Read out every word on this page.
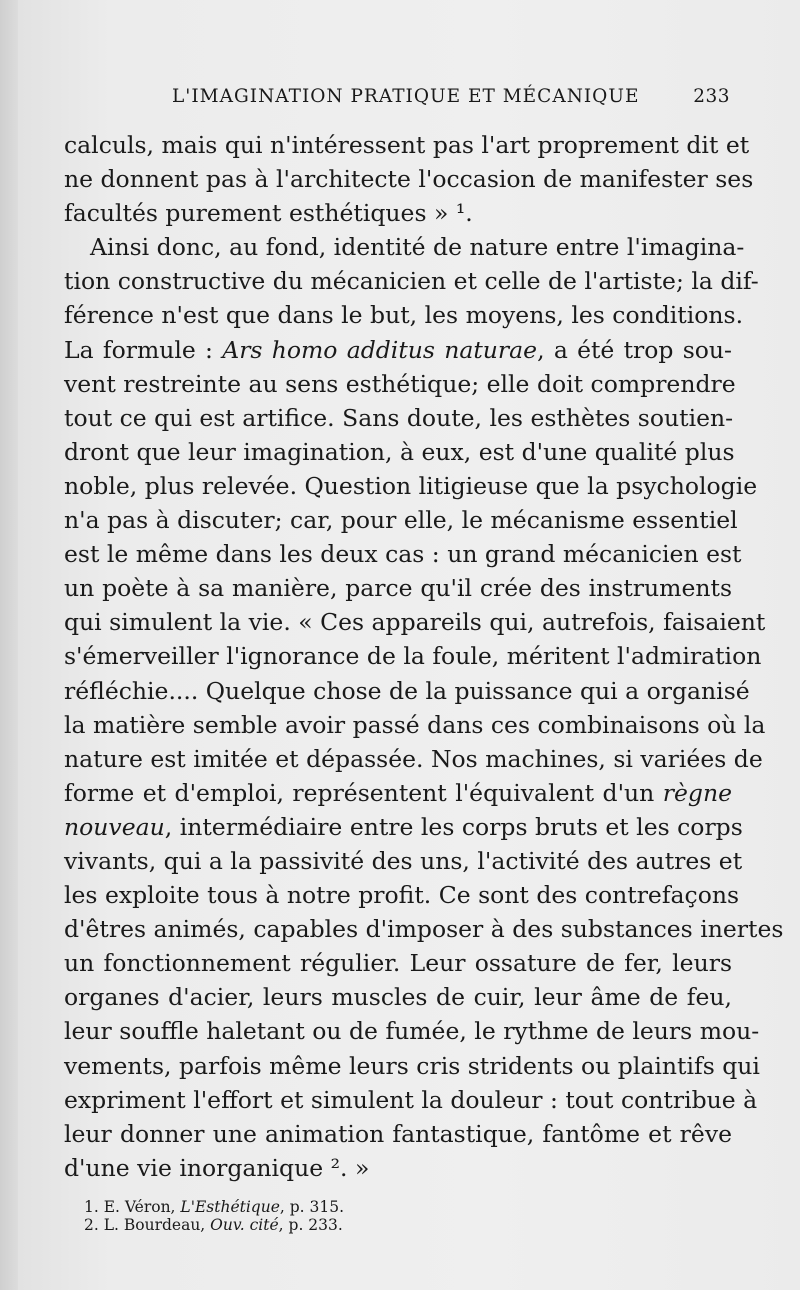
L'IMAGINATION PRATIQUE ET MÉCANIQUE	233
calculs, mais qui n'intéressent pas l'art proprement dit et
ne donnent pas à l'architecte l'occasion de manifester ses
facultés purement esthétiques » ¹.
Ainsi donc, au fond, identité de nature entre l'imagina-
tion constructive du mécanicien et celle de l'artiste; la dif-
férence n'est que dans le but, les moyens, les conditions.
La formule : Ars homo additus naturae, a été trop sou-
vent restreinte au sens esthétique; elle doit comprendre
tout ce qui est artifice. Sans doute, les esthètes soutien-
dront que leur imagination, à eux, est d'une qualité plus
noble, plus relevée. Question litigieuse que la psychologie
n'a pas à discuter; car, pour elle, le mécanisme essentiel
est le même dans les deux cas : un grand mécanicien est
un poète à sa manière, parce qu'il crée des instruments
qui simulent la vie. « Ces appareils qui, autrefois, faisaient
s'émerveiller l'ignorance de la foule, méritent l'admiration
réfléchie.... Quelque chose de la puissance qui a organisé
la matière semble avoir passé dans ces combinaisons où la
nature est imitée et dépassée. Nos machines, si variées de
forme et d'emploi, représentent l'équivalent d'un règne
nouveau, intermédiaire entre les corps bruts et les corps
vivants, qui a la passivité des uns, l'activité des autres et
les exploite tous à notre profit. Ce sont des contrefaçons
d'êtres animés, capables d'imposer à des substances inertes
un fonctionnement régulier. Leur ossature de fer, leurs
organes d'acier, leurs muscles de cuir, leur âme de feu,
leur souffle haletant ou de fumée, le rythme de leurs mou-
vements, parfois même leurs cris stridents ou plaintifs qui
expriment l'effort et simulent la douleur : tout contribue à
leur donner une animation fantastique, fantôme et rêve
d'une vie inorganique ². »
1. E. Véron, L'Esthétique, p. 315.
2. L. Bourdeau, Ouv. cité, p. 233.
